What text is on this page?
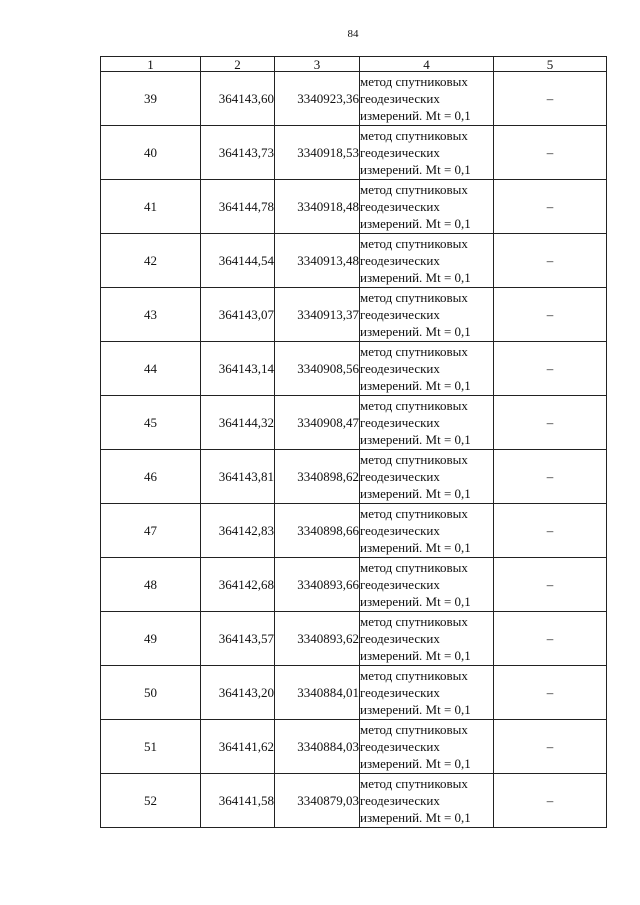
84
1	2	3	4	5
39	364143,60	3340923,36	метод спутниковых
геодезических
измерений. Mt = 0,1	–
40	364143,73	3340918,53	метод спутниковых
геодезических
измерений. Mt = 0,1	–
41	364144,78	3340918,48	метод спутниковых
геодезических
измерений. Mt = 0,1	–
42	364144,54	3340913,48	метод спутниковых
геодезических
измерений. Mt = 0,1	–
43	364143,07	3340913,37	метод спутниковых
геодезических
измерений. Mt = 0,1	–
44	364143,14	3340908,56	метод спутниковых
геодезических
измерений. Mt = 0,1	–
45	364144,32	3340908,47	метод спутниковых
геодезических
измерений. Mt = 0,1	–
46	364143,81	3340898,62	метод спутниковых
геодезических
измерений. Mt = 0,1	–
47	364142,83	3340898,66	метод спутниковых
геодезических
измерений. Mt = 0,1	–
48	364142,68	3340893,66	метод спутниковых
геодезических
измерений. Mt = 0,1	–
49	364143,57	3340893,62	метод спутниковых
геодезических
измерений. Mt = 0,1	–
50	364143,20	3340884,01	метод спутниковых
геодезических
измерений. Mt = 0,1	–
51	364141,62	3340884,03	метод спутниковых
геодезических
измерений. Mt = 0,1	–
52	364141,58	3340879,03	метод спутниковых
геодезических
измерений. Mt = 0,1	–
